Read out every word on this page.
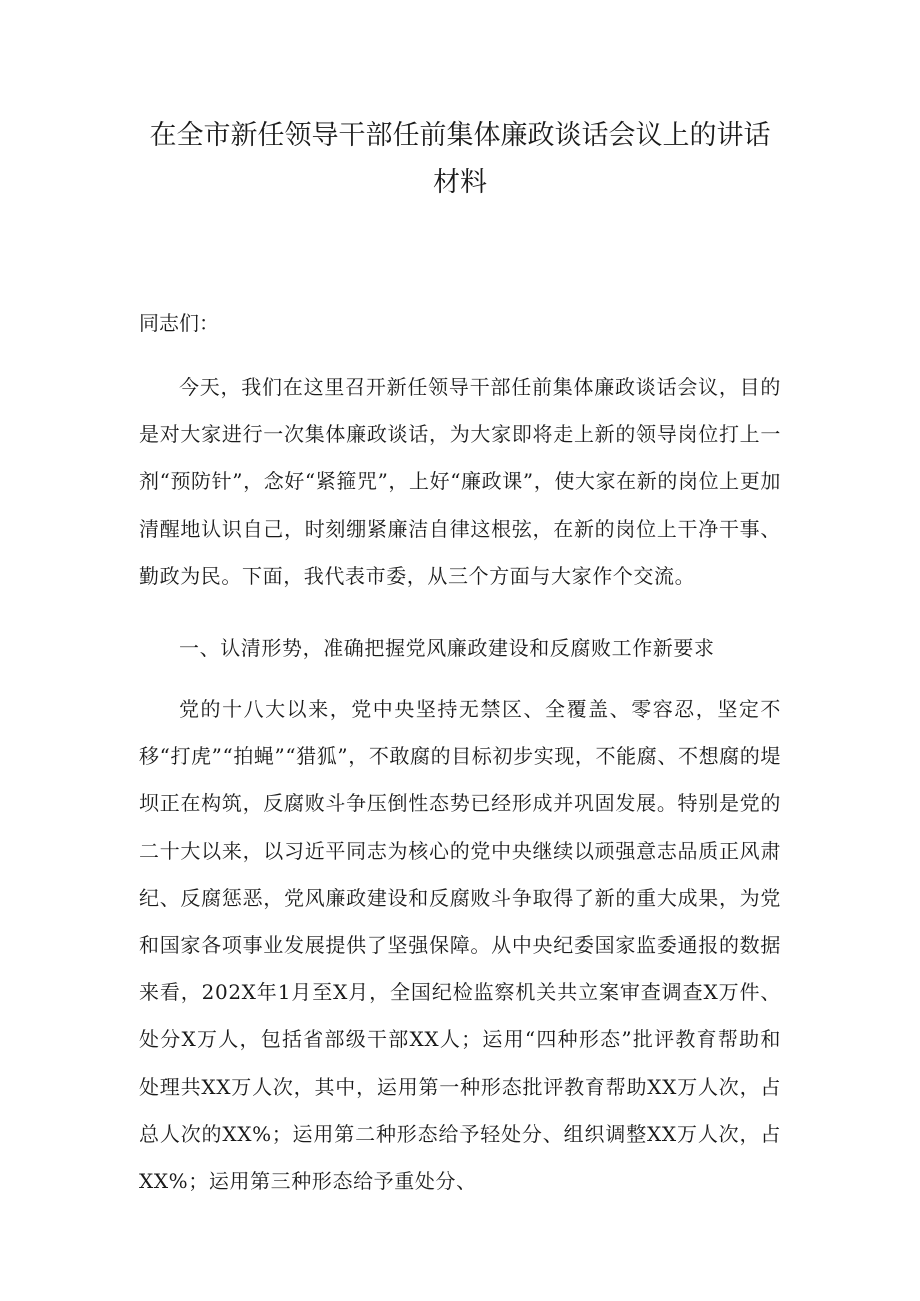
在全市新任领导干部任前集体廉政谈话会议上的讲话
材料

同志们：

今天，我们在这里召开新任领导干部任前集体廉政谈话会议，目的是对大家进行一次集体廉政谈话，为大家即将走上新的领导岗位打上一剂“预防针”，念好“紧箍咒”，上好“廉政课”，使大家在新的岗位上更加清醒地认识自己，时刻绷紧廉洁自律这根弦，在新的岗位上干净干事、勤政为民。下面，我代表市委，从三个方面与大家作个交流。

一、认清形势，准确把握党风廉政建设和反腐败工作新要求

党的十八大以来，党中央坚持无禁区、全覆盖、零容忍，坚定不移“打虎”“拍蝇”“猎狐”，不敢腐的目标初步实现，不能腐、不想腐的堤坝正在构筑，反腐败斗争压倒性态势已经形成并巩固发展。特别是党的二十大以来，以习近平同志为核心的党中央继续以顽强意志品质正风肃纪、反腐惩恶，党风廉政建设和反腐败斗争取得了新的重大成果，为党和国家各项事业发展提供了坚强保障。从中央纪委国家监委通报的数据来看，202X年1月至X月，全国纪检监察机关共立案审查调查X万件、处分X万人，包括省部级干部XX人；运用“四种形态”批评教育帮助和处理共XX万人次，其中，运用第一种形态批评教育帮助XX万人次，占总人次的XX%；运用第二种形态给予轻处分、组织调整XX万人次，占XX%；运用第三种形态给予重处分、
